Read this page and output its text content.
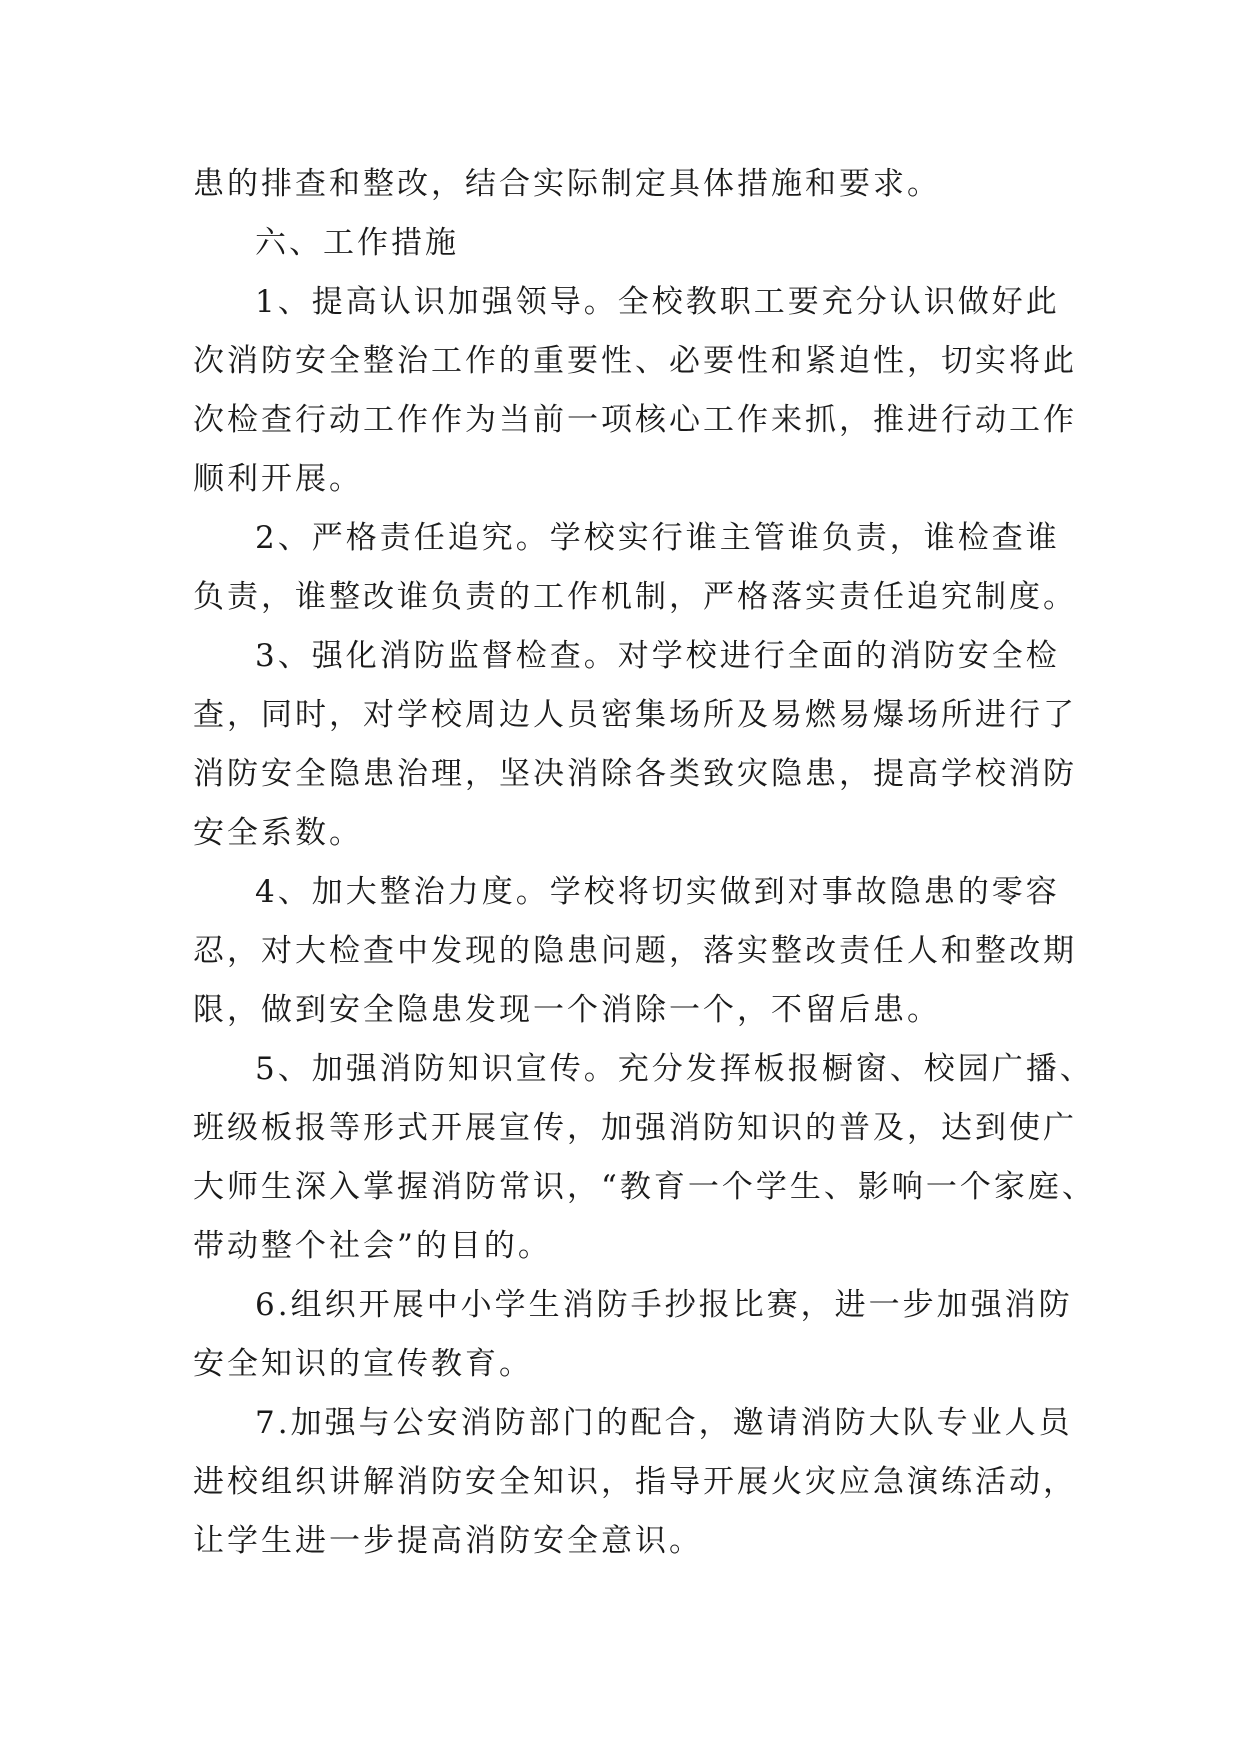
患的排查和整改，结合实际制定具体措施和要求。
六、工作措施
1、提高认识加强领导。全校教职工要充分认识做好此
次消防安全整治工作的重要性、必要性和紧迫性，切实将此
次检查行动工作作为当前一项核心工作来抓，推进行动工作
顺利开展。
2、严格责任追究。学校实行谁主管谁负责，谁检查谁
负责，谁整改谁负责的工作机制，严格落实责任追究制度。
3、强化消防监督检查。对学校进行全面的消防安全检
查，同时，对学校周边人员密集场所及易燃易爆场所进行了
消防安全隐患治理，坚决消除各类致灾隐患，提高学校消防
安全系数。
4、加大整治力度。学校将切实做到对事故隐患的零容
忍，对大检查中发现的隐患问题，落实整改责任人和整改期
限，做到安全隐患发现一个消除一个，不留后患。
5、加强消防知识宣传。充分发挥板报橱窗、校园广播、
班级板报等形式开展宣传，加强消防知识的普及，达到使广
大师生深入掌握消防常识，“教育一个学生、影响一个家庭、
带动整个社会”的目的。
6.组织开展中小学生消防手抄报比赛，进一步加强消防
安全知识的宣传教育。
7.加强与公安消防部门的配合，邀请消防大队专业人员
进校组织讲解消防安全知识，指导开展火灾应急演练活动，
让学生进一步提高消防安全意识。
